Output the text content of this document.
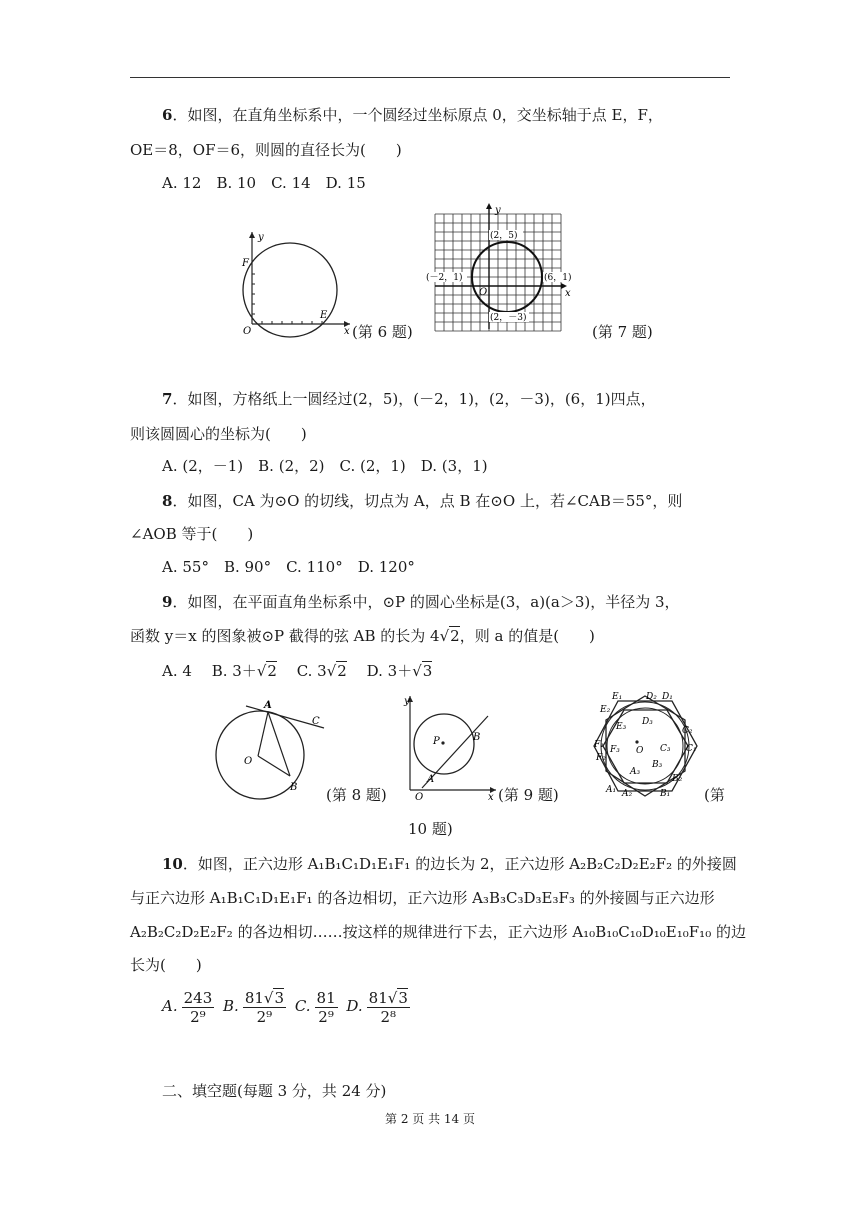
6．如图，在直角坐标系中，一个圆经过坐标原点 0，交坐标轴于点 E，F，
OE＝8，OF＝6，则圆的直径长为(　　)
A. 12　B. 10　C. 14　D. 15
y
x
F
O
E
(第 6 题)
y
x
O
(2，5)
(－2，1)	(6，1)
(2，－3)
(第 7 题)
7．如图，方格纸上一圆经过(2，5)，(－2，1)，(2，－3)，(6，1)四点，
则该圆圆心的坐标为(　　)
A. (2，－1)　B. (2，2)　C. (2，1)　D. (3，1)
8．如图，CA 为⊙O 的切线，切点为 A，点 B 在⊙O 上，若∠CAB＝55°，则
∠AOB 等于(　　)
A. 55°　B. 90°　C. 110°　D. 120°
9．如图，在平面直角坐标系中，⊙P 的圆心坐标是(3，a)(a＞3)，半径为 3，
函数 y＝x 的图象被⊙P 截得的弦 AB 的长为 4√2，则 a 的值是(　　)
A. 4　 B. 3＋√2　 C. 3√2　 D. 3＋√3
A
C
O
B (第 8 题)
y
x
P	B
A
O	(第 9 题)
E₁	D₂ D₁
E₂
E₃ D₃
C₂
F₁ F₃	C₃ C₁
F₂
O
B₃
A₃
B₂
A₁ A₂	B₁ (第
10 题)
10．如图，正六边形 A₁B₁C₁D₁E₁F₁ 的边长为 2，正六边形 A₂B₂C₂D₂E₂F₂ 的外接圆
与正六边形 A₁B₁C₁D₁E₁F₁ 的各边相切，正六边形 A₃B₃C₃D₃E₃F₃ 的外接圆与正六边形
A₂B₂C₂D₂E₂F₂ 的各边相切……按这样的规律进行下去，正六边形 A₁₀B₁₀C₁₀D₁₀E₁₀F₁₀ 的边
长为(　　)
A. $\frac{243}{\text{2⁹}} B$. $\frac{81√3}{\text{2⁹}} C$. $\frac{81}{\text{2⁹}} D$. $\frac{81√3}{\text{2⁸}}$
二、填空题(每题 3 分，共 24 分)
第 2 页 共 14 页
